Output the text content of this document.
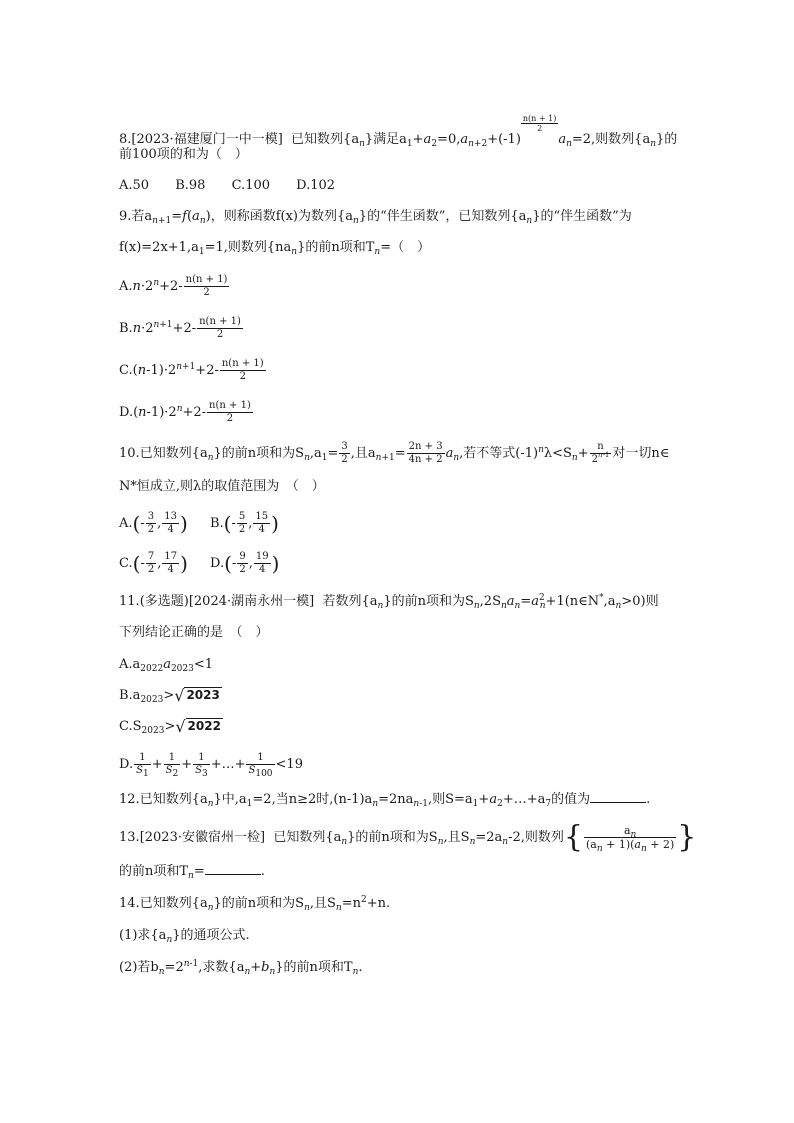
8.[2023·福建厦门一中一模] 已知数列$\{a_n\}$满足$a_1+a_2=0,a_{n+2}+(-1)$
$\frac{n(n + 1)}{2}$
$a_n=2$,则数列$\{a_n\}$的
前100项的和为（　）
A.50 B.98 C.100 D.102
9.若$a_{n+1}=f(a_n)$，则称函数f(x)为数列$\{a_n\}$的“伴生函数”，已知数列$\{a_n\}$的“伴生函数”为
$f(x)=2x+1,a_1=1$,则数列$\{na_n\}$的前n项和$T_n=$（　）
$A.n\cdot 2^n+2- \frac{n(n + 1)}{2}$
$B.n\cdot 2^{n+1}+2- \frac{n(n + 1)}{2}$
$C.(n-1)\cdot 2^{n+1}+2- \frac{n(n + 1)}{2}$
$D.(n-1)\cdot 2^n+2- \frac{n(n + 1)}{2}$
10.已知数列$\{a_n\}$的前n项和为$S_n,a_1= \frac{3}{2}$ ,且$a_{n+1}= \frac{2n + 3}{4n + 2} a_n$,若不等式$(-1)^n\lambda<S_n+ \frac{n}{2^{n-1}}$ 对一切n∈
N*恒成立,则λ的取值范围为　（　）
$A.(- \frac{3}{2}$ , $\frac{13}{4}$ ) $B.(- \frac{5}{2}$ , $\frac{15}{4}$ )
$C.(- \frac{7}{2}$ , $\frac{17}{4}$ ) $D.(- \frac{9}{2}$ , $\frac{19}{4}$ )
11.(多选题)[2024·湖南永州一模] 若数列$\{a_n\}$的前n项和为$S_n,2S_na_n=a^2_n+1(n\in N^*,a_n>0)$则
下列结论正确的是　（　）
$A.a_{2022}a_{2023}<1$
$B.a_{2023}>√$ 2023
$C.S_{2023}>√$ 2022
D. $\frac{1}{S_1} + \frac{1}{S_2} + \frac{1}{S_3}$ +…+ $\frac{1}{S_{100}} <19$
12.已知数列$\{a_n\}$中$,a_1=2$,当n≥2时$,(n-1)a_n=2na_{n-1}$,则$S=a_1+a_2+\dots+a_7$的值为	.
13.[2023·安徽宿州一检] 已知数列$\{a_n\}$的前n项和为$S_n$,且$S_n=2a_n-2$,则数列{ $\frac{a_n}{(a_n + 1)(a_n + 2)}$ }
的前n项和$T_n=$	.
14.已知数列$\{a_n\}$的前n项和为$S_n$,且$S_n=n^2+n$.
(1)求$\{a_n\}$的通项公式.
(2)若$b_n=2^{n-1}$,求数$\{a_n+b_n\}$的前n项和$T_n$.
